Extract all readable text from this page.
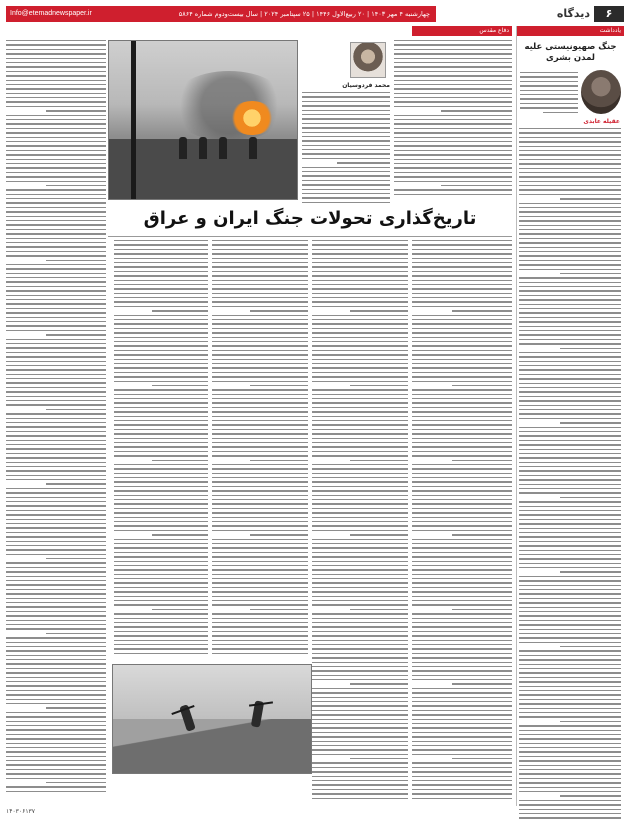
چهارشنبه ۴ مهر ۱۴۰۳ | ۲۰ ربیع‌الاول ۱۴۴۶ | ۲۵ سپتامبر ۲۰۲۴ | سال بیست‌ودوم شماره ۵۸۶۴
Info@etemadnewspaper.ir	دیدگاه	۶
یادداشت
جنگ صهیونیستی علیه لمدن بشری
عقیله عابدی
دفاع مقدس
محمد فردوسیان
تاریخ‌گذاری تحولات جنگ ایران و عراق
۱۴۰۳۰۶۱۳۷
